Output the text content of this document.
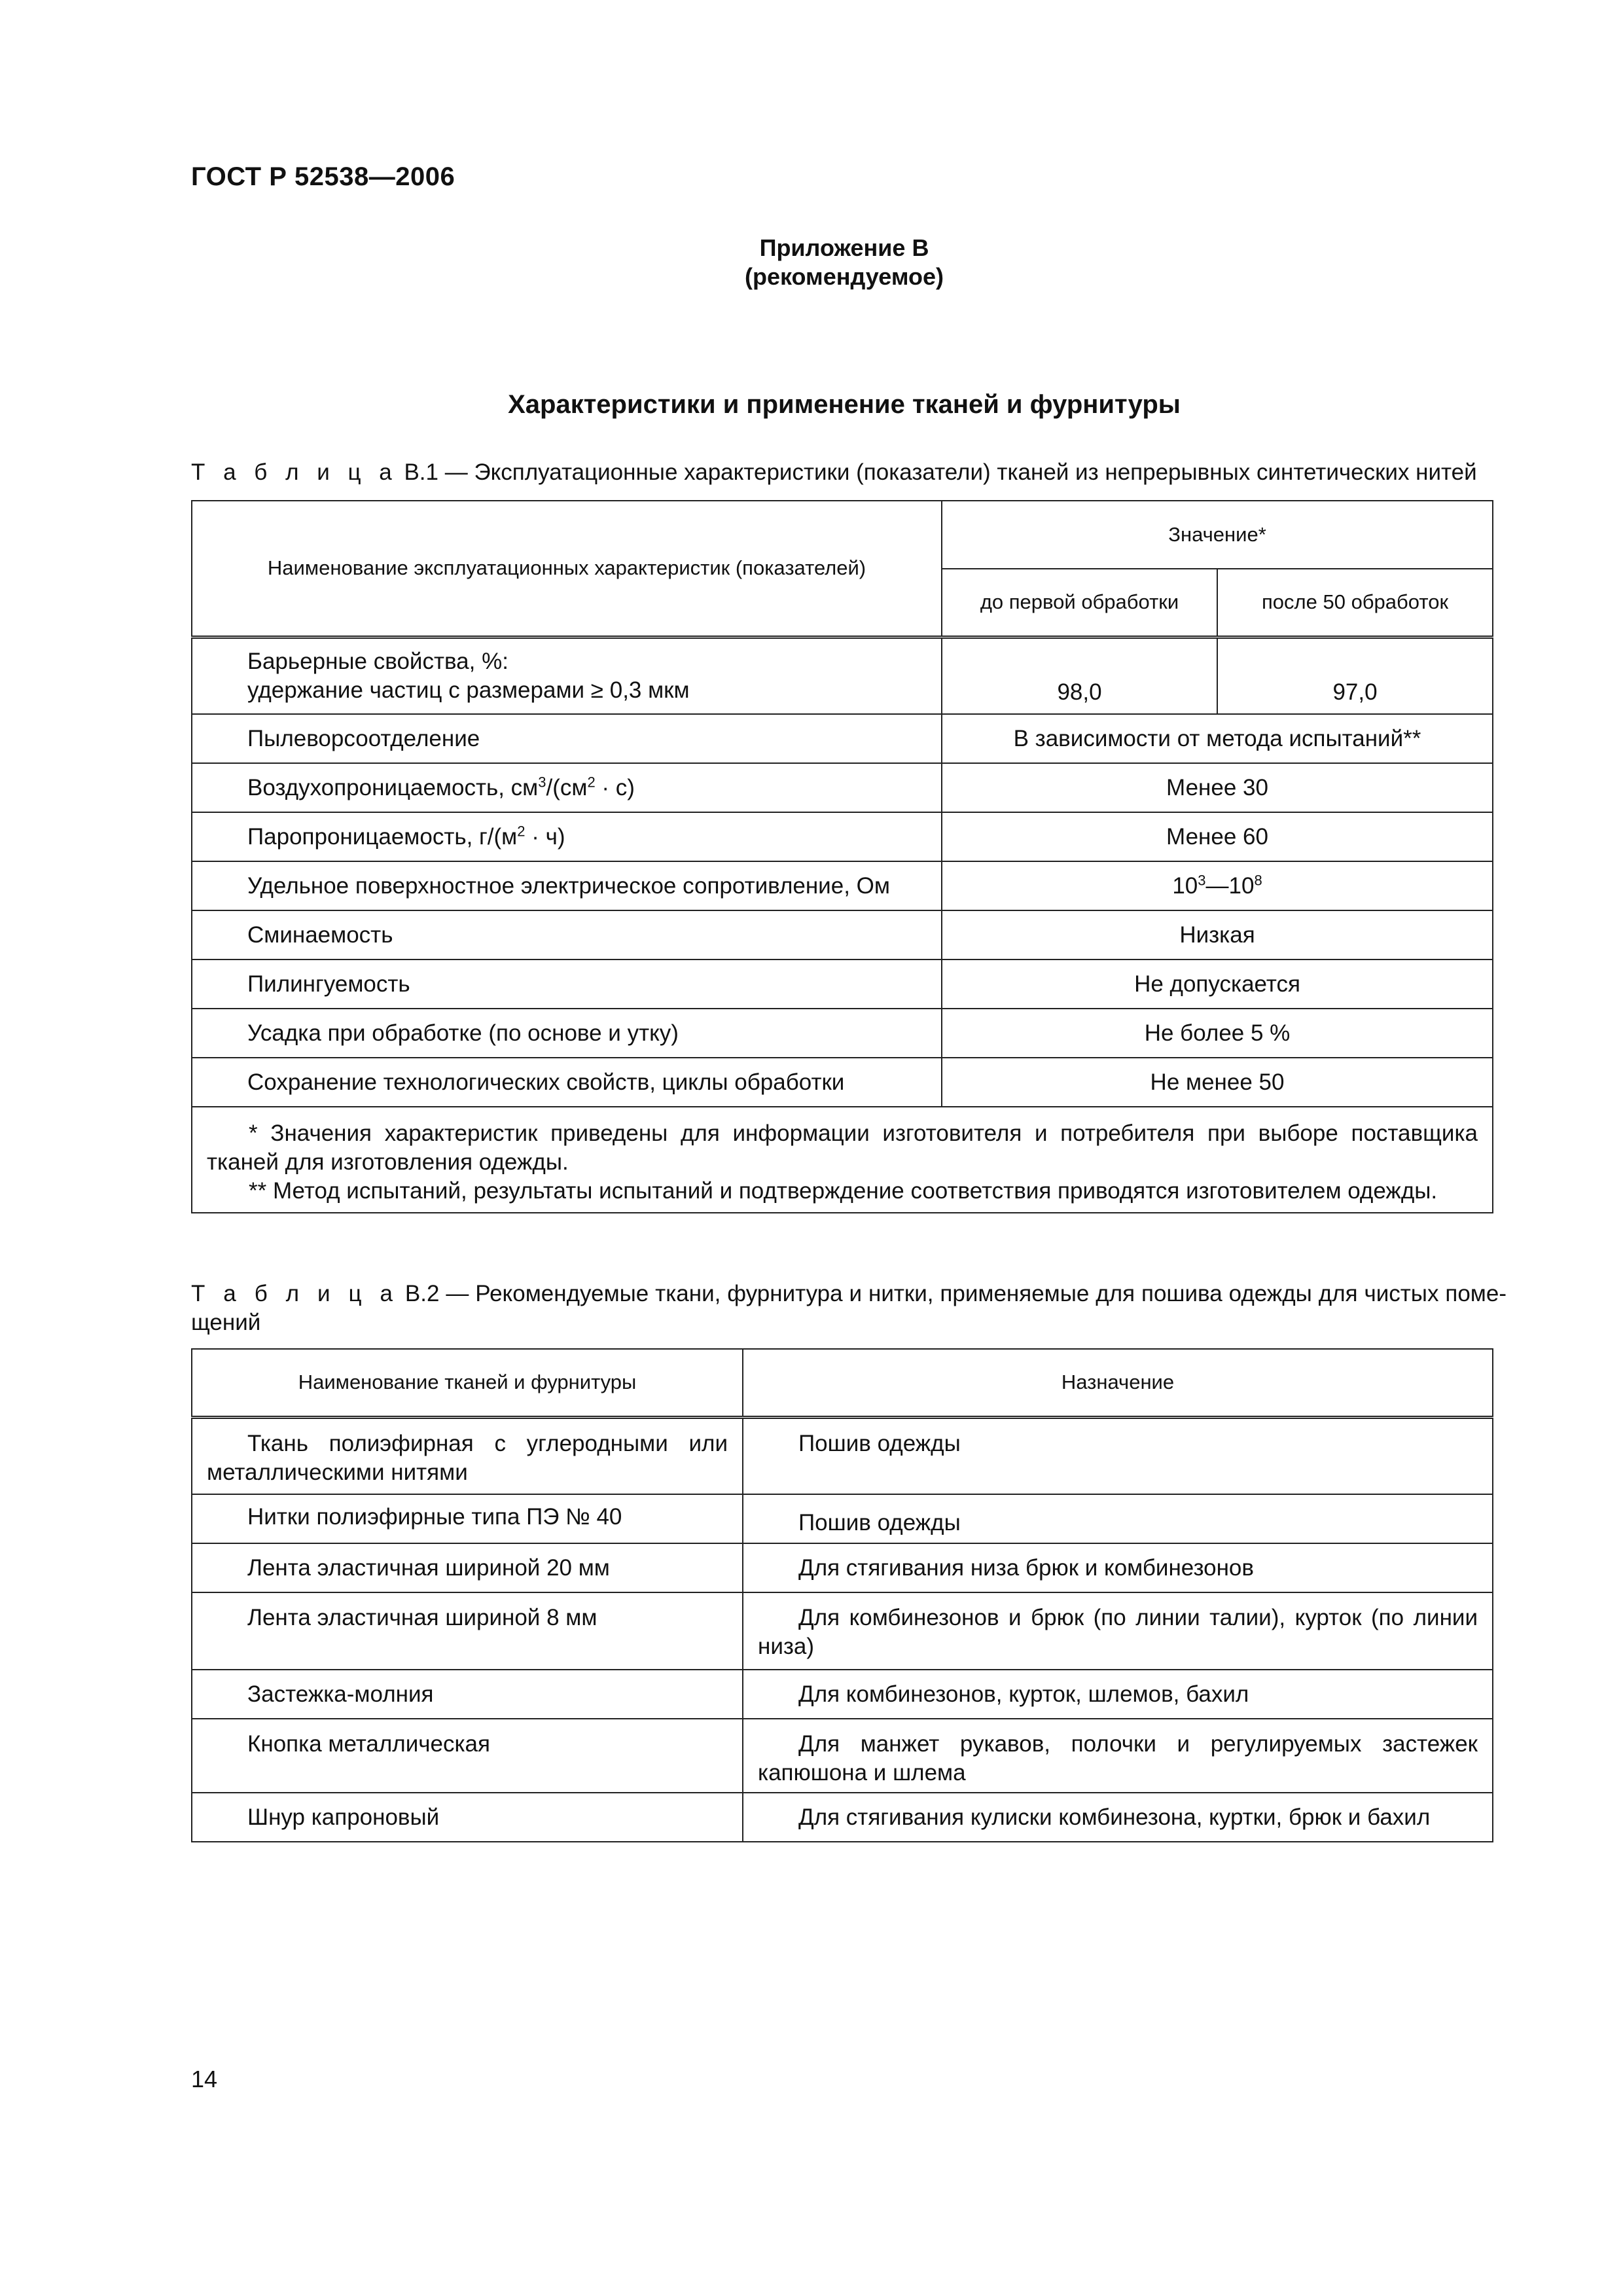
ГОСТ Р 52538—2006
Приложение В
(рекомендуемое)
Характеристики и применение тканей и фурнитуры
Т а б л и ц а В.1 — Эксплуатационные характеристики (показатели) тканей из непрерывных синтетических нитей
Наименование эксплуатационных характеристик (показателей)	Значение*	
	до первой обработки	после 50 обработок

Барьерные свойства, %:
удержание частиц с размерами ≥ 0,3 мкм	98,0	97,0
Пылеворсоотделение	В зависимости от метода испытаний**	
Воздухопроницаемость, $см^3/(см^2 \cdot с)$	Менее 30	
Паропроницаемость, $г/(м^2 \cdot ч)$	Менее 60	
Удельное поверхностное электрическое сопротивление, Ом	$10^3—10^8$
Сминаемость	Низкая	
Пилингуемость	Не допускается	
Усадка при обработке (по основе и утку)	Не более 5 %	
Сохранение технологических свойств, циклы обработки	Не менее 50	

* Значения характеристик приведены для информации изготовителя и потребителя при выборе поставщика тканей для изготовления одежды.
** Метод испытаний, результаты испытаний и подтверждение соответствия приводятся изготовителем одежды.		
Т а б л и ц а В.2 — Рекомендуемые ткани, фурнитура и нитки, применяемые для пошива одежды для чистых поме-щений
Наименование тканей и фурнитуры	Назначение
Ткань полиэфирная с углеродными или металлическими нитями	Пошив одежды
Нитки полиэфирные типа ПЭ № 40	Пошив одежды
Лента эластичная шириной 20 мм	Для стягивания низа брюк и комбинезонов
Лента эластичная шириной 8 мм	Для комбинезонов и брюк (по линии талии), курток (по линии низа)
Застежка-молния	Для комбинезонов, курток, шлемов, бахил
Кнопка металлическая	Для манжет рукавов, полочки и регулируемых застежек капюшона и шлема
Шнур капроновый	Для стягивания кулиски комбинезона, куртки, брюк и бахил
14
